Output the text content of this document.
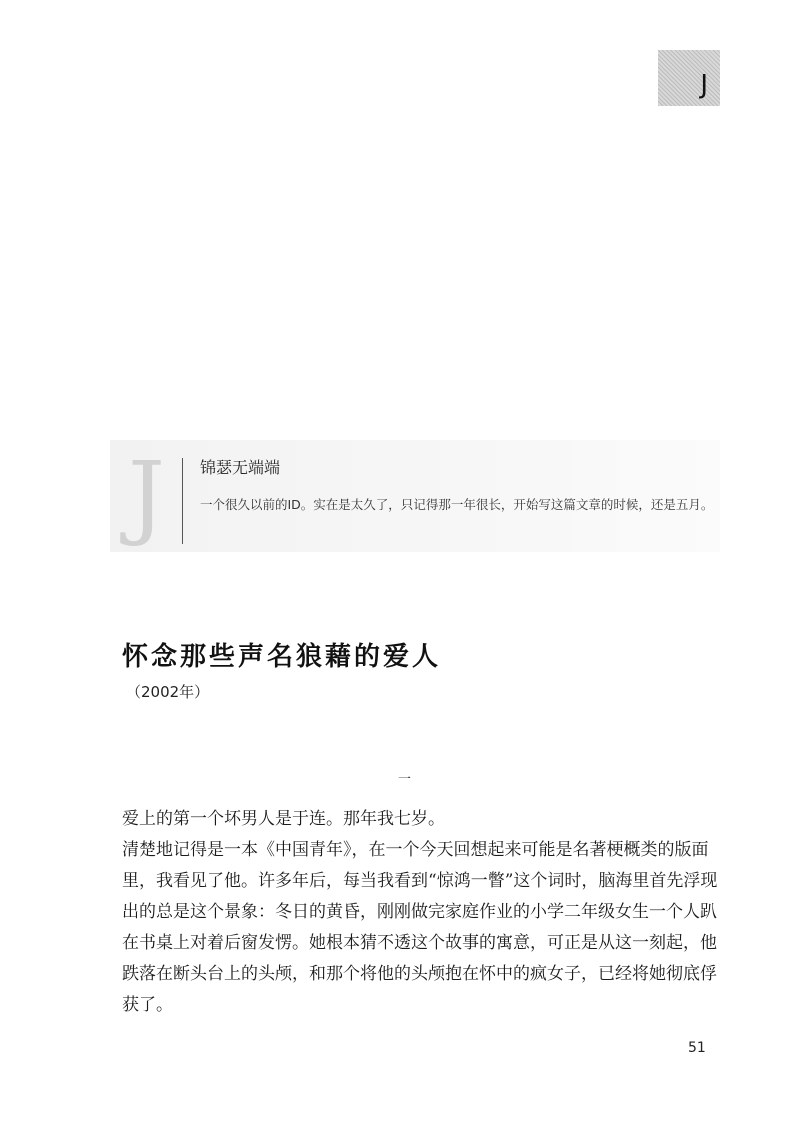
J
J 锦瑟无端端
一个很久以前的ID。实在是太久了，只记得那一年很长，开始写这篇文章的时候，还是五月。
怀念那些声名狼藉的爱人
（2002年）
一

爱上的第一个坏男人是于连。那年我七岁。

清楚地记得是一本《中国青年》，在一个今天回想起来可能是名著梗概类的版面里，我看见了他。许多年后，每当我看到“惊鸿一瞥”这个词时，脑海里首先浮现出的总是这个景象：冬日的黄昏，刚刚做完家庭作业的小学二年级女生一个人趴在书桌上对着后窗发愣。她根本猜不透这个故事的寓意，可正是从这一刻起，他跌落在断头台上的头颅，和那个将他的头颅抱在怀中的疯女子，已经将她彻底俘获了。

51
